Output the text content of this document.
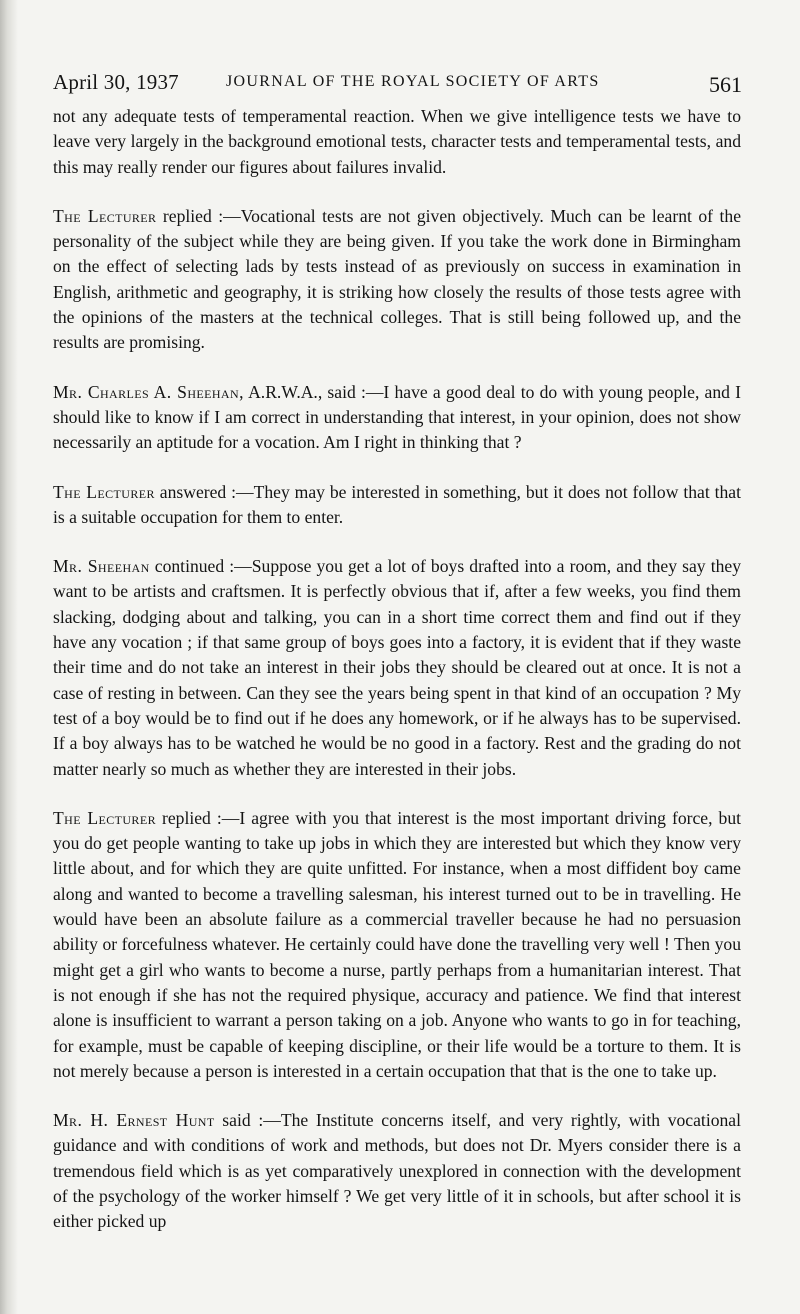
April 30, 1937	JOURNAL OF THE ROYAL SOCIETY OF ARTS	561

not any adequate tests of temperamental reaction. When we give intelligence tests we have to leave very largely in the background emotional tests, character tests and temperamental tests, and this may really render our figures about failures invalid.

The Lecturer replied :—Vocational tests are not given objectively. Much can be learnt of the personality of the subject while they are being given. If you take the work done in Birmingham on the effect of selecting lads by tests instead of as previously on success in examination in English, arithmetic and geography, it is striking how closely the results of those tests agree with the opinions of the masters at the technical colleges. That is still being followed up, and the results are promising.

Mr. Charles A. Sheehan, A.R.W.A., said :—I have a good deal to do with young people, and I should like to know if I am correct in understanding that interest, in your opinion, does not show necessarily an aptitude for a vocation. Am I right in thinking that ?

The Lecturer answered :—They may be interested in something, but it does not follow that that is a suitable occupation for them to enter.

Mr. Sheehan continued :—Suppose you get a lot of boys drafted into a room, and they say they want to be artists and craftsmen. It is perfectly obvious that if, after a few weeks, you find them slacking, dodging about and talking, you can in a short time correct them and find out if they have any vocation ; if that same group of boys goes into a factory, it is evident that if they waste their time and do not take an interest in their jobs they should be cleared out at once. It is not a case of resting in between. Can they see the years being spent in that kind of an occupation ? My test of a boy would be to find out if he does any homework, or if he always has to be supervised. If a boy always has to be watched he would be no good in a factory. Rest and the grading do not matter nearly so much as whether they are interested in their jobs.

The Lecturer replied :—I agree with you that interest is the most important driving force, but you do get people wanting to take up jobs in which they are interested but which they know very little about, and for which they are quite unfitted. For instance, when a most diffident boy came along and wanted to become a travelling salesman, his interest turned out to be in travelling. He would have been an absolute failure as a commercial traveller because he had no persuasion ability or forcefulness whatever. He certainly could have done the travelling very well ! Then you might get a girl who wants to become a nurse, partly perhaps from a humanitarian interest. That is not enough if she has not the required physique, accuracy and patience. We find that interest alone is insufficient to warrant a person taking on a job. Anyone who wants to go in for teaching, for example, must be capable of keeping discipline, or their life would be a torture to them. It is not merely because a person is interested in a certain occupation that that is the one to take up.

Mr. H. Ernest Hunt said :—The Institute concerns itself, and very rightly, with vocational guidance and with conditions of work and methods, but does not Dr. Myers consider there is a tremendous field which is as yet comparatively unexplored in connection with the development of the psychology of the worker himself ? We get very little of it in schools, but after school it is either picked up
